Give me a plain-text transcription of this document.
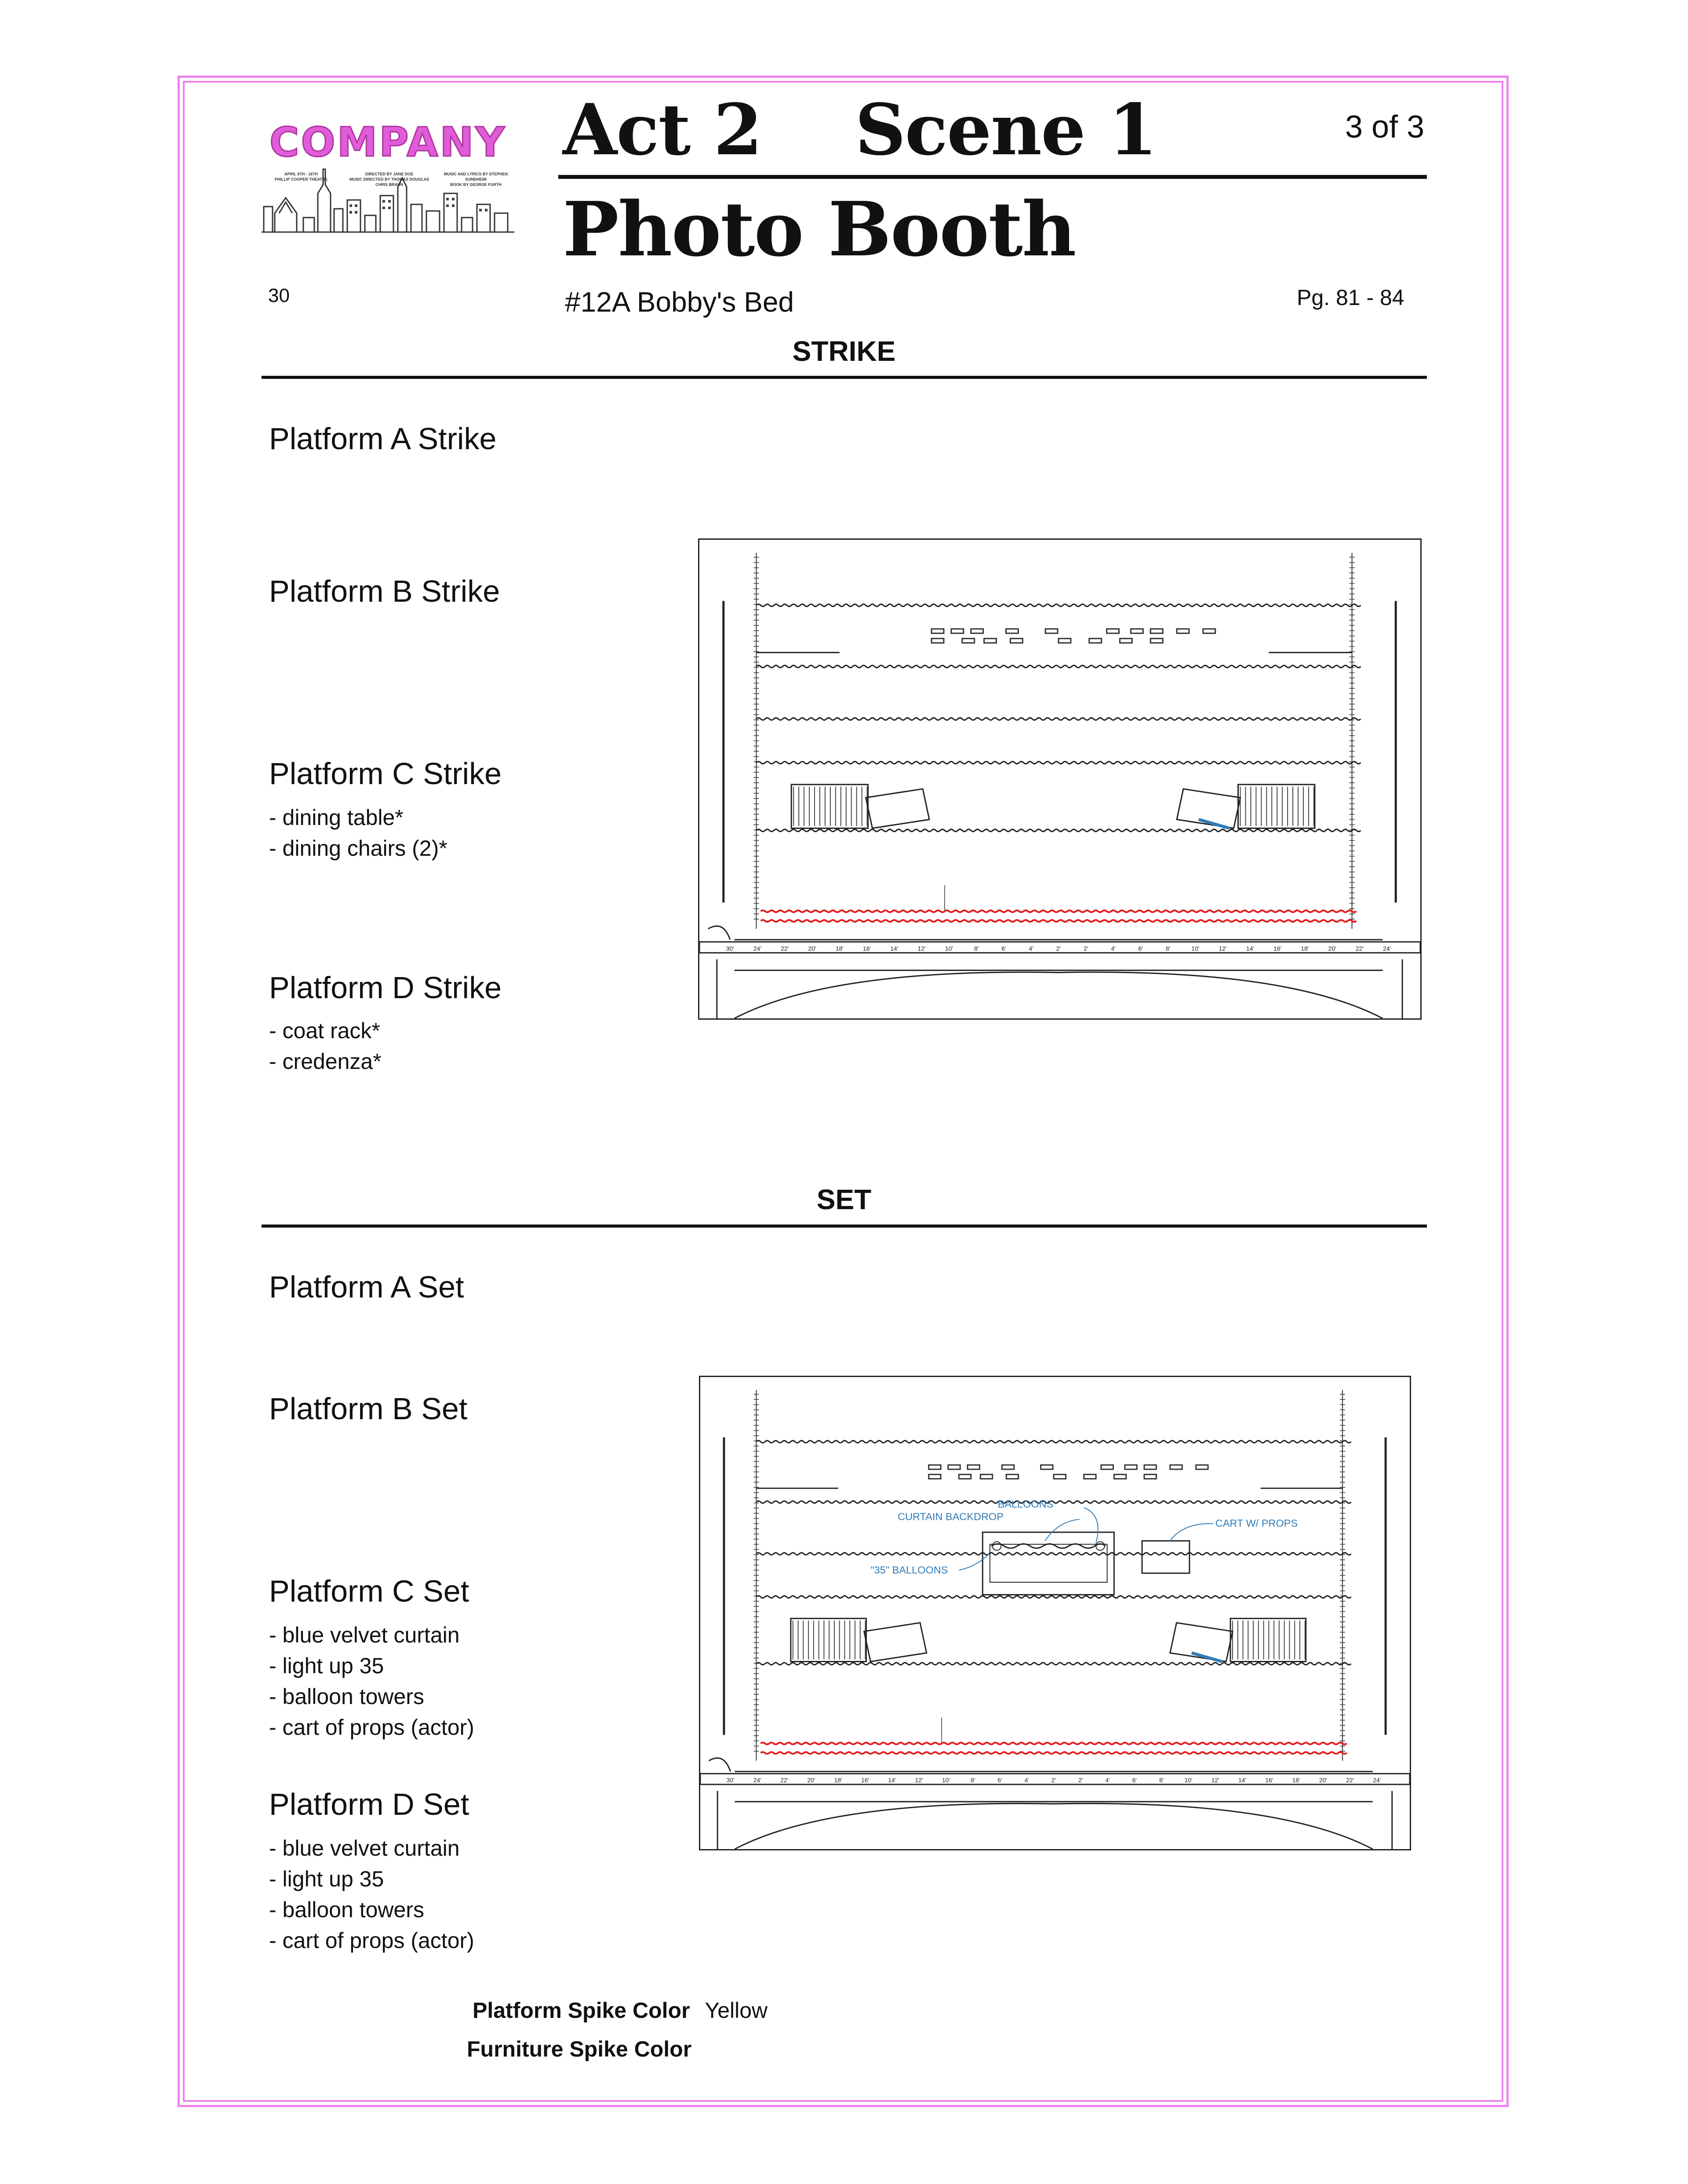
COMPANY
APRIL 6TH - 16TH
PHILLIP COOPER THEATRE
DIRECTED BY JANE DOE
MUSIC DIRECTED BY THOMAS DOUGLAS
CHRIS BRAUN
MUSIC AND LYRICS BY STEPHEN SONDHEIM
BOOK BY GEORGE FURTH
Act 2 Scene 1	3 of 3
Photo Booth
30	#12A Bobby's Bed	Pg. 81 - 84
STRIKE
Platform A Strike
Platform B Strike
Platform C Strike
- dining table*
- dining chairs (2)*
Platform D Strike
- coat rack*
- credenza*
30'	24'	22'	20'	18'	16'	14'	12'	10'	8'	6'	4'	2'	2'	4'	6'	8'	10'	12'	14'	16'	18'	20'	22'	24'
SET
Platform A Set
Platform B Set
Platform C Set
- blue velvet curtain
- light up 35
- balloon towers
- cart of props (actor)
Platform D Set
- blue velvet curtain
- light up 35
- balloon towers
- cart of props (actor)
30'	24'	22'	20'	18'	16'	14'	12'	10'	8'	6'	4'	2'	2'	4'	6'	8'	10'	12'	14'	16'	18'	20'	22'	24'
BALLOONS
CURTAIN BACKDROP
CART W/ PROPS
"35" BALLOONS
Platform Spike Color Yellow
Furniture Spike Color
